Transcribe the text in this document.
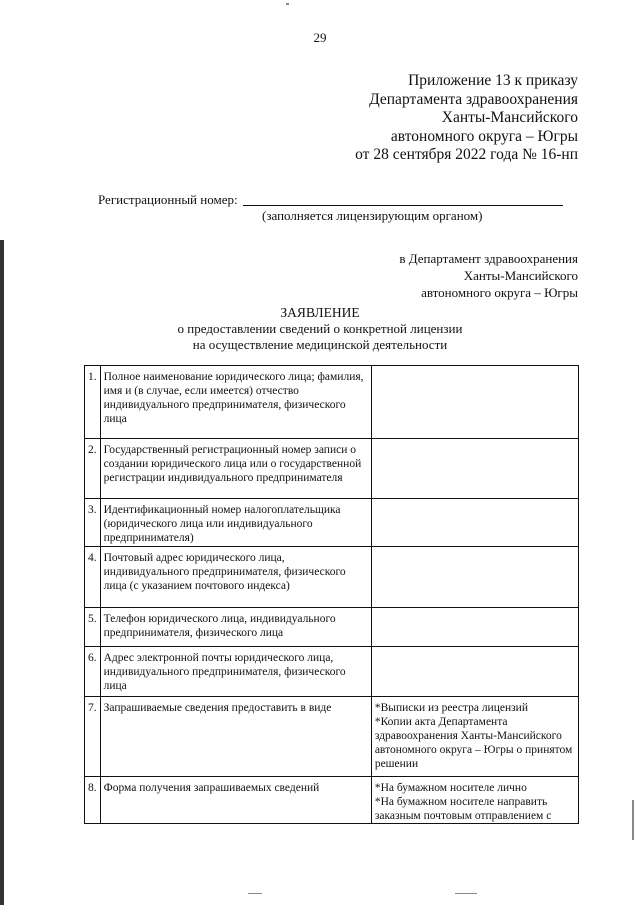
29
Приложение 13 к приказу
Департамента здравоохранения
Ханты-Мансийского
автономного округа – Югры
от 28 сентября 2022 года № 16-нп
Регистрационный номер:
(заполняется лицензирующим органом)
в Департамент здравоохранения
Ханты-Мансийского
автономного округа – Югры
ЗАЯВЛЕНИЕ
о предоставлении сведений о конкретной лицензии
на осуществление медицинской деятельности
1.	Полное наименование юридического лица; фамилия, имя и (в случае, если имеется) отчество индивидуального предпринимателя, физического лица	
2.	Государственный регистрационный номер записи о создании юридического лица или о государственной регистрации индивидуального предпринимателя	
3.	Идентификационный номер налогоплательщика (юридического лица или индивидуального предпринимателя)	
4.	Почтовый адрес юридического лица, индивидуального предпринимателя, физического лица (с указанием почтового индекса)	
5.	Телефон юридического лица, индивидуального предпринимателя, физического лица	
6.	Адрес электронной почты юридического лица, индивидуального предпринимателя, физического лица	
7.	Запрашиваемые сведения предоставить в виде	*Выписки из реестра лицензий
*Копии акта Департамента здравоохранения Ханты-Мансийского автономного округа – Югры о принятом решении

8.	Форма получения запрашиваемых сведений	*На бумажном носителе лично
*На бумажном носителе направить заказным почтовым отправлением с
